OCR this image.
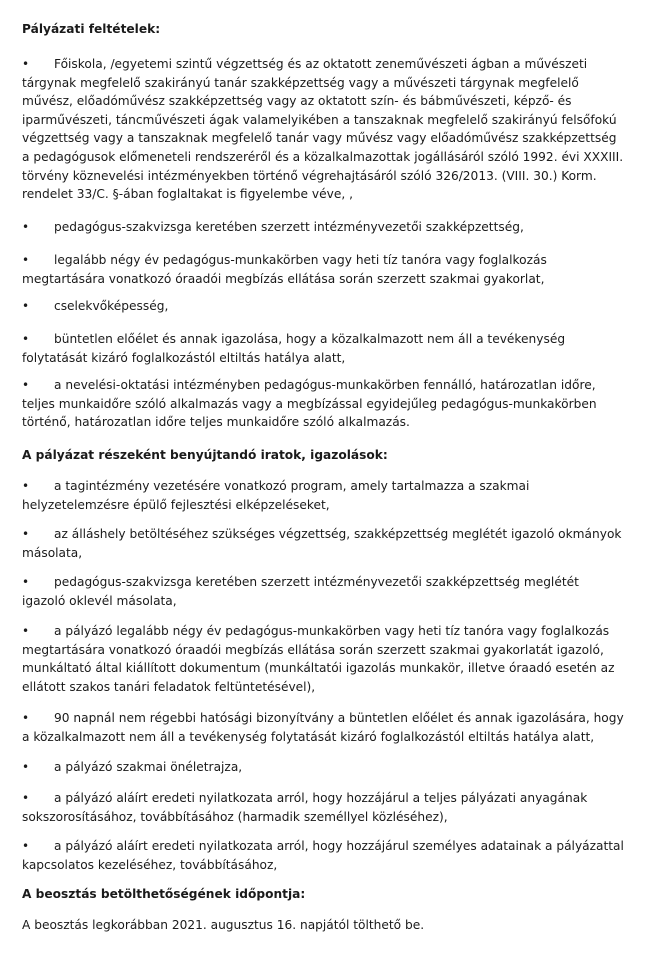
Pályázati feltételek:

• Főiskola, /egyetemi szintű végzettség és az oktatott zeneművészeti ágban a művészeti tárgynak megfelelő szakirányú tanár szakképzettség vagy a művészeti tárgynak megfelelő művész, előadóművész szakképzettség vagy az oktatott szín- és bábművészeti, képző- és iparművészeti, táncművészeti ágak valamelyikében a tanszaknak megfelelő szakirányú felsőfokú végzettség vagy a tanszaknak megfelelő tanár vagy művész vagy előadóművész szakképzettség a pedagógusok előmeneteli rendszeréről és a közalkalmazottak jogállásáról szóló 1992. évi XXXIII. törvény köznevelési intézményekben történő végrehajtásáról szóló 326/2013. (VIII. 30.) Korm. rendelet 33/C. §-ában foglaltakat is figyelembe véve, ,

• pedagógus-szakvizsga keretében szerzett intézményvezetői szakképzettség,

• legalább négy év pedagógus-munkakörben vagy heti tíz tanóra vagy foglalkozás megtartására vonatkozó óraadói megbízás ellátása során szerzett szakmai gyakorlat,

• cselekvőképesség,

• büntetlen előélet és annak igazolása, hogy a közalkalmazott nem áll a tevékenység folytatását kizáró foglalkozástól eltiltás hatálya alatt,

• a nevelési-oktatási intézményben pedagógus-munkakörben fennálló, határozatlan időre, teljes munkaidőre szóló alkalmazás vagy a megbízással egyidejűleg pedagógus-munkakörben történő, határozatlan időre teljes munkaidőre szóló alkalmazás.

A pályázat részeként benyújtandó iratok, igazolások:

• a tagintézmény vezetésére vonatkozó program, amely tartalmazza a szakmai helyzetelemzésre épülő fejlesztési elképzeléseket,

• az álláshely betöltéséhez szükséges végzettség, szakképzettség meglétét igazoló okmányok másolata,

• pedagógus-szakvizsga keretében szerzett intézményvezetői szakképzettség meglétét igazoló oklevél másolata,

• a pályázó legalább négy év pedagógus-munkakörben vagy heti tíz tanóra vagy foglalkozás megtartására vonatkozó óraadói megbízás ellátása során szerzett szakmai gyakorlatát igazoló, munkáltató által kiállított dokumentum (munkáltatói igazolás munkakör, illetve óraadó esetén az ellátott szakos tanári feladatok feltüntetésével),

• 90 napnál nem régebbi hatósági bizonyítvány a büntetlen előélet és annak igazolására, hogy a közalkalmazott nem áll a tevékenység folytatását kizáró foglalkozástól eltiltás hatálya alatt,

• a pályázó szakmai önéletrajza,

• a pályázó aláírt eredeti nyilatkozata arról, hogy hozzájárul a teljes pályázati anyagának sokszorosításához, továbbításához (harmadik személlyel közléséhez),

• a pályázó aláírt eredeti nyilatkozata arról, hogy hozzájárul személyes adatainak a pályázattal kapcsolatos kezeléséhez, továbbításához,

A beosztás betölthetőségének időpontja:

A beosztás legkorábban 2021. augusztus 16. napjától tölthető be.
